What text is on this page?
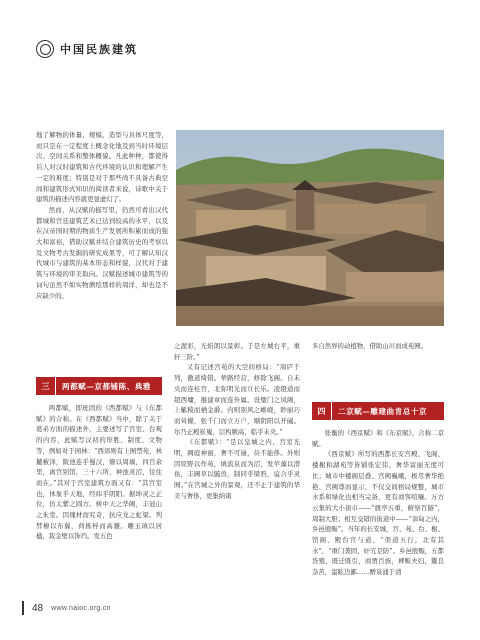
中国民族建筑

地了解物的体量、规模、造型与具体尺度等，而只是在一定程度上概念化地及到当时环境层次、空间关系和整体概貌。凡此种种，都使得后人对汉时建筑和古代环境的认识和理解产生一定的难度；特别是对于那些尚不具备古典空间和建筑形式知识的阅读者来说，诗歌中关于建筑的描述内容就更显虚幻了。

然而，从汉赋的描写里，仍然可看出汉代都城和宫廷建筑艺术已达到较高的水平，以及在汉帝国时期的物质生产发展所积累而成的强大和富裕，借助汉赋并结合建筑历史的考察以及文物考古发掘的研究成果等，可了解认知汉代城市与建筑的基本形态和样貌，汉代对于建筑与环境的审美取向。汉赋描述城市建筑等的词句虽然不如实物测绘那样的周详，却也是不应缺少的。

三	两都赋—京都铺陈、典雅

两都赋，即班固的《西都赋》与《东都赋》的合称。在《西都赋》当中，除了关于葛弟方面的描述外，主要述写了宫室、台观的内容，此赋写汉初的形胜、制度、文物等，例如对于园林：“西郊则有上囿禁苑，林麓薮泽，陂池连乎蜀汉，缭以周墙，四百余里，离宫别馆，三十六所，神池灵沼，往往而在。”其对于宫室建筑方面又有：“其宫室也，体象乎天地，经纬乎阴阳。据坤灵之正位，仿太紫之圆方。树中天之华阙，丰冠山之朱堂。因瑰材而究奇，抗应龙之虹梁。列棼橑以布翼，荷栋桴而高骧。雕玉瑱以居楹，裁金壁以饰珰。发五色

之渥彩，光焰朗以景彰。于是左城右平，重轩三阶。”

又有记述宫苑的大空间格局：“周庐千列，徼道绮错。辇路经营，修除飞阁。自未央而连桂宫，北弥明光而亘长乐。凌隥道而超西墉，掍建章而连外属。设璧门之凤阙，上觚稜而栖金爵。内则别风之嶕峣，眇丽巧而耸擢，张千门而立万户，顺阴阳以开阖。尔乃正殿崔嵬，层构厥高，临乎未央。”

《东都赋》：“是以皇城之内，宫室光明，阙庭神丽，奢不可逾，俭不能侈。外则因原野以作苑，填流泉而为沼，发苹藻以潜鱼，丰圃草以毓兽，制同乎梁驺，谊合乎灵囿。”在宫城之外的景观，还不止于建筑的华美与奢侈，更集纳诸

多自然界的动植物，借助山川而成苑囿。

四	二京赋—雕建曲肯总十京

张衡的《西京赋》和《东京赋》，合称二京赋。

《西京赋》所写的西都长安宫殿、飞阁、楼榭和湖苑等皆铺张宏伟、奢华富丽无度可比；城市中楼阁层叠、宫阙巍峨，极尽奢华绝艳、宫阙尊而显示，不仅交间格局规整，城市水系和绿化也相当完备，更有商客喧嚷。万方云集的大小街市——“旗亭五重，俯察百隧”，周制大胆；相互交错的街道中——“郊甸之内，乡邑殷赈”。当年的长安城，宫、苑、台、榭、馆阁、殿台宫与道、“渠道五行，北有其水”，“重门袭固，奸宄是防”。乡邑殷赈，五都货殖，既迁既引，商贾百族，裨贩夫妇，鬻良杂苦，蚩眩边鄙……赠泉涌于清

48 www.naioc.org.cn
